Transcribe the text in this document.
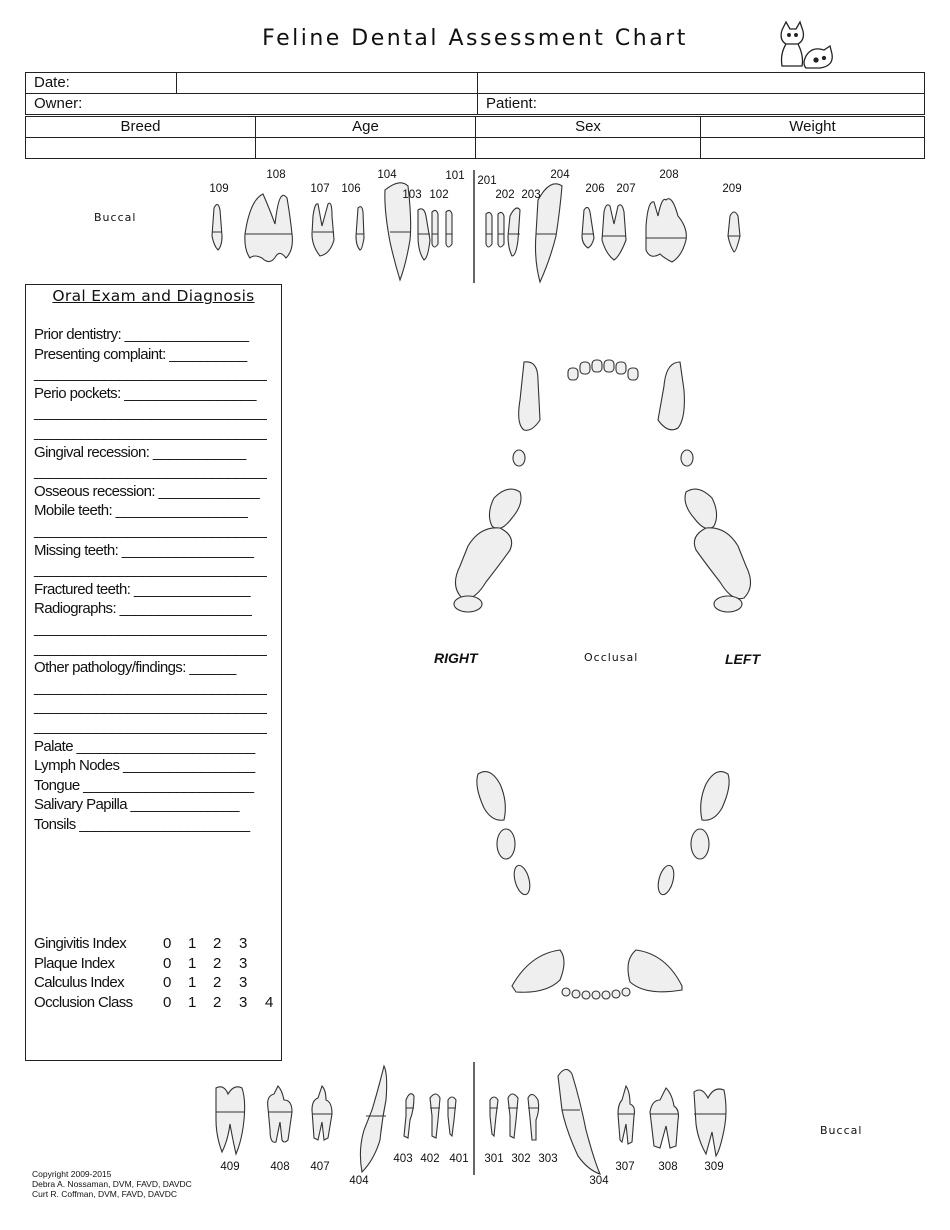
Feline Dental Assessment Chart
Date:		
Owner:		Patient:
Breed	Age	Sex	Weight

Buccal
109
108
107 106
104
103 102
101 201
202 203
204
206 207
208
209
Oral Exam and Diagnosis
Prior dentistry: ________________
Presenting complaint: __________
______________________________
Perio pockets: _________________
______________________________
______________________________
Gingival recession: ____________
______________________________
Osseous recession: _____________
Mobile teeth: _________________
______________________________
Missing teeth: _________________
______________________________
Fractured teeth: _______________
Radiographs: _________________
______________________________
______________________________
Other pathology/findings: ______
______________________________
______________________________
______________________________
Palate _______________________
Lymph Nodes _________________
Tongue ______________________
Salivary Papilla ______________
Tonsils ______________________
Gingivitis Index 0 1 2 3
Plaque Index	0 1 2 3
Calculus Index	0 1 2 3
Occlusion Class 0 1 2 3 4
RIGHT	Occlusal	LEFT
409	408 407
404
403 402 401 301 302 303
304
307 308 309
Buccal
Copyright 2009-2015
Debra A. Nossaman, DVM, FAVD, DAVDC
Curt R. Coffman, DVM, FAVD, DAVDC
